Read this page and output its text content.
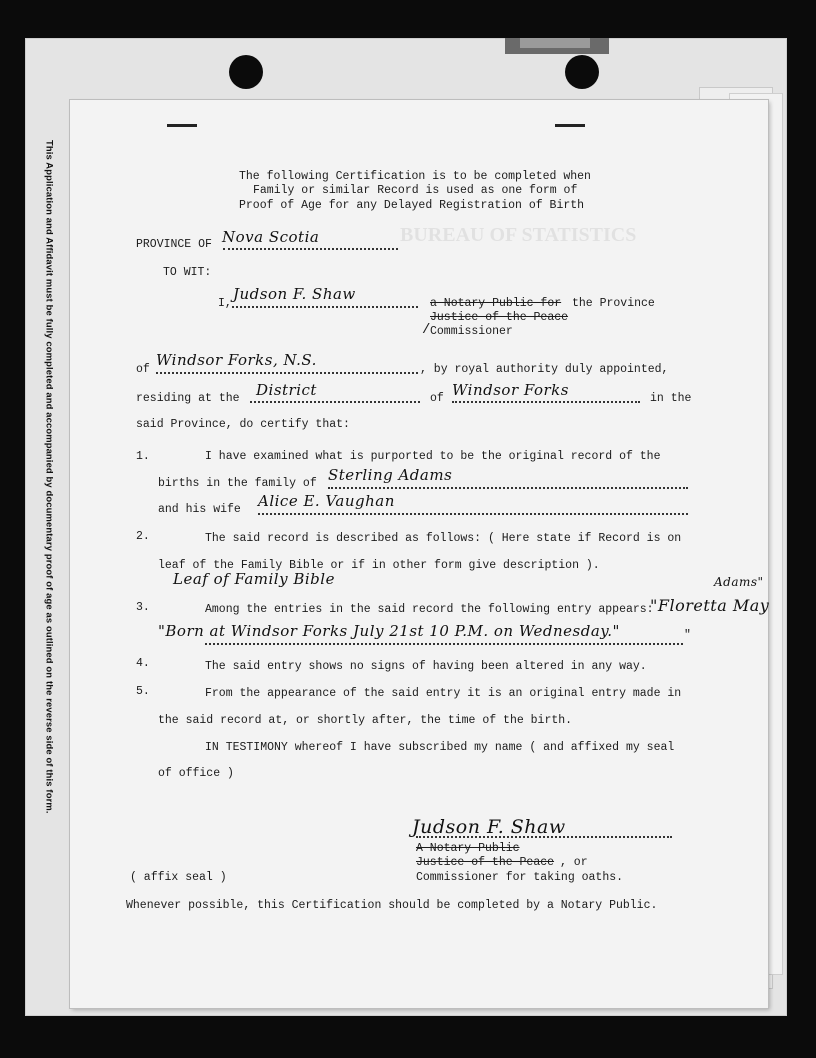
This Application and Affidavit must be fully completed and accompanied by documentary proof of age as outlined on the reverse side of this form.	BUREAU OF STATISTICS
The following Certification is to be completed when
Family or similar Record is used as one form of
Proof of Age for any Delayed Registration of Birth
PROVINCE OF Nova Scotia
TO WIT:
I,
Judson F. Shaw
a Notary Public for the Province
Justice of the Peace
/ Commissioner
of
Windsor Forks, N.S.
, by royal authority duly appointed,
residing at the District	of Windsor Forks	in the
said Province, do certify that:
1.	I have examined what is purported to be the original record of the
births in the family of Sterling Adams
and his wife Alice E. Vaughan
2.	The said record is described as follows: ( Here state if Record is on
leaf of the Family Bible or if in other form give description ).
Leaf of Family Bible
3.	Among the entries in the said record the following entry appears:
"Floretta May
Adams"
"Born at Windsor Forks July 21st 10 P.M. on Wednesday."	"
4.	The said entry shows no signs of having been altered in any way.
5.	From the appearance of the said entry it is an original entry made in
the said record at, or shortly after, the time of the birth.
IN TESTIMONY whereof I have subscribed my name ( and affixed my seal
of office )
Judson F. Shaw
A Notary Public
Justice of the Peace , or
Commissioner for taking oaths.
( affix seal )
Whenever possible, this Certification should be completed by a Notary Public.
